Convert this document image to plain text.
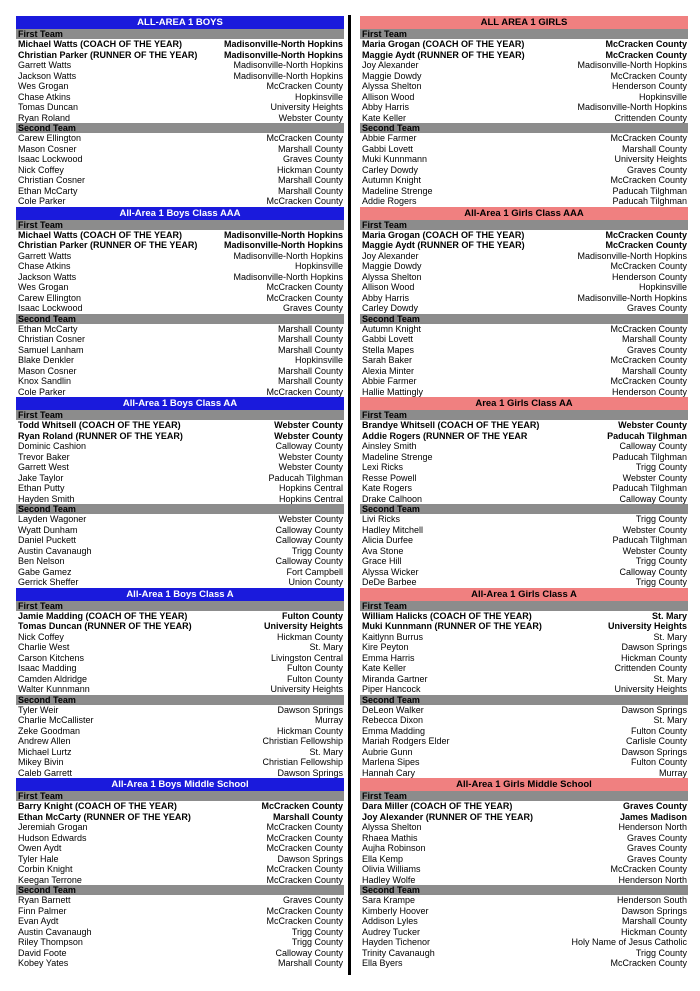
ALL-AREA 1 BOYS
First Team
Michael Watts (COACH OF THE YEAR)	Madisonville-North Hopkins
Christian Parker (RUNNER OF THE YEAR)	Madisonville-North Hopkins
Garrett Watts	Madisonville-North Hopkins
Jackson Watts	Madisonville-North Hopkins
Wes Grogan	McCracken County
Chase Atkins	Hopkinsville
Tomas Duncan	University Heights
Ryan Roland	Webster County
Second Team
Carew Ellington	McCracken County
Mason Cosner	Marshall County
Isaac Lockwood	Graves County
Nick Coffey	Hickman County
Christian Cosner	Marshall County
Ethan McCarty	Marshall County
Cole Parker	McCracken County
All-Area 1 Boys Class AAA
First Team
Michael Watts (COACH OF THE YEAR)	Madisonville-North Hopkins
Christian Parker (RUNNER OF THE YEAR)	Madisonville-North Hopkins
Garrett Watts	Madisonville-North Hopkins
Chase Atkins	Hopkinsville
Jackson Watts	Madisonville-North Hopkins
Wes Grogan	McCracken County
Carew Ellington	McCracken County
Isaac Lockwood	Graves County
Second Team
Ethan McCarty	Marshall County
Christian Cosner	Marshall County
Samuel Lanham	Marshall County
Blake Denkler	Hopkinsville
Mason Cosner	Marshall County
Knox Sandlin	Marshall County
Cole Parker	McCracken County
All-Area 1 Boys Class AA
First Team
Todd Whitsell (COACH OF THE YEAR)	Webster County
Ryan Roland (RUNNER OF THE YEAR)	Webster County
Dominic Cashion	Calloway County
Trevor Baker	Webster County
Garrett West	Webster County
Jake Taylor	Paducah Tilghman
Ethan Putty	Hopkins Central
Hayden Smith	Hopkins Central
Second Team
Layden Wagoner	Webster County
Wyatt Dunham	Calloway County
Daniel Puckett	Calloway County
Austin Cavanaugh	Trigg County
Ben Nelson	Calloway County
Gabe Gamez	Fort Campbell
Gerrick Sheffer	Union County
All-Area 1 Boys Class A
First Team
Jamie Madding (COACH OF THE YEAR)	Fulton County
Tomas Duncan (RUNNER OF THE YEAR)	University Heights
Nick Coffey	Hickman County
Charlie West	St. Mary
Carson Kitchens	Livingston Central
Isaac Madding	Fulton County
Camden Aldridge	Fulton County
Walter Kunnmann	University Heights
Second Team
Tyler Weir	Dawson Springs
Charlie McCallister	Murray
Zeke Goodman	Hickman County
Andrew Allen	Christian Fellowship
Michael Lurtz	St. Mary
Mikey Bivin	Christian Fellowship
Caleb Garrett	Dawson Springs
All-Area 1 Boys Middle School
First Team
Barry Knight (COACH OF THE YEAR)	McCracken County
Ethan McCarty (RUNNER OF THE YEAR)	Marshall County
Jeremiah Grogan	McCracken County
Hudson Edwards	McCracken County
Owen Aydt	McCracken County
Tyler Hale	Dawson Springs
Corbin Knight	McCracken County
Keegan Terrone	McCracken County
Second Team
Ryan Barnett	Graves County
Finn Palmer	McCracken County
Evan Aydt	McCracken County
Austin Cavanaugh	Trigg County
Riley Thompson	Trigg County
David Foote	Calloway County
Kobey Yates	Marshall County
ALL AREA 1 GIRLS
First Team
Maria Grogan (COACH OF THE YEAR)	McCracken County
Maggie Aydt (RUNNER OF THE YEAR)	McCracken County
Joy Alexander	Madisonville-North Hopkins
Maggie Dowdy	McCracken County
Alyssa Shelton	Henderson County
Allison Wood	Hopkinsville
Abby Harris	Madisonville-North Hopkins
Kate Keller	Crittenden County
Second Team
Abbie Farmer	McCracken County
Gabbi Lovett	Marshall County
Muki Kunnmann	University Heights
Carley Dowdy	Graves County
Autumn Knight	McCracken County
Madeline Strenge	Paducah Tilghman
Addie Rogers	Paducah Tilghman
All-Area 1 Girls Class AAA
First Team
Maria Grogan (COACH OF THE YEAR)	McCracken County
Maggie Aydt (RUNNER OF THE YEAR)	McCracken County
Joy Alexander	Madisonville-North Hopkins
Maggie Dowdy	McCracken County
Alyssa Shelton	Henderson County
Allison Wood	Hopkinsville
Abby Harris	Madisonville-North Hopkins
Carley Dowdy	Graves County
Second Team
Autumn Knight	McCracken County
Gabbi Lovett	Marshall County
Stella Mapes	Graves County
Sarah Baker	McCracken County
Alexia Minter	Marshall County
Abbie Farmer	McCracken County
Hallie Mattingly	Henderson County
Area 1 Girls Class AA
First Team
Brandye Whitsell (COACH OF THE YEAR)	Webster County
Addie Rogers (RUNNER OF THE YEAR	Paducah Tilghman
Ainsley Smith	Calloway County
Madeline Strenge	Paducah Tilghman
Lexi Ricks	Trigg County
Resse Powell	Webster County
Kate Rogers	Paducah Tilghman
Drake Calhoon	Calloway County
Second Team
Livi Ricks	Trigg County
Hadley Mitchell	Webster County
Alicia Durfee	Paducah Tilghman
Ava Stone	Webster County
Grace Hill	Trigg County
Alyssa Wicker	Calloway County
DeDe Barbee	Trigg County
All-Area 1 Girls Class A
First Team
William Halicks (COACH OF THE YEAR)	St. Mary
Muki Kunnmann (RUNNER OF THE YEAR)	University Heights
Kaitlynn Burrus	St. Mary
Kire Peyton	Dawson Springs
Emma Harris	Hickman County
Kate Keller	Crittenden County
Miranda Gartner	St. Mary
Piper Hancock	University Heights
Second Team
DeLeon Walker	Dawson Springs
Rebecca Dixon	St. Mary
Emma Madding	Fulton County
Mariah Rodgers Elder	Carlisle County
Aubrie Gunn	Dawson Springs
Marlena Sipes	Fulton County
Hannah Cary	Murray
All-Area 1 Girls Middle School
First Team
Dara Miller (COACH OF THE YEAR)	Graves County
Joy Alexander (RUNNER OF THE YEAR)	James Madison
Alyssa Shelton	Henderson North
Rhaea Mathis	Graves County
Aujha Robinson	Graves County
Ella Kemp	Graves County
Olivia Williams	McCracken County
Hadley Wolfe	Henderson North
Second Team
Sara Krampe	Henderson South
Kimberly Hoover	Dawson Springs
Addison Lyles	Marshall County
Audrey Tucker	Hickman County
Hayden Tichenor	Holy Name of Jesus Catholic
Trinity Cavanaugh	Trigg County
Ella Byers	McCracken County
